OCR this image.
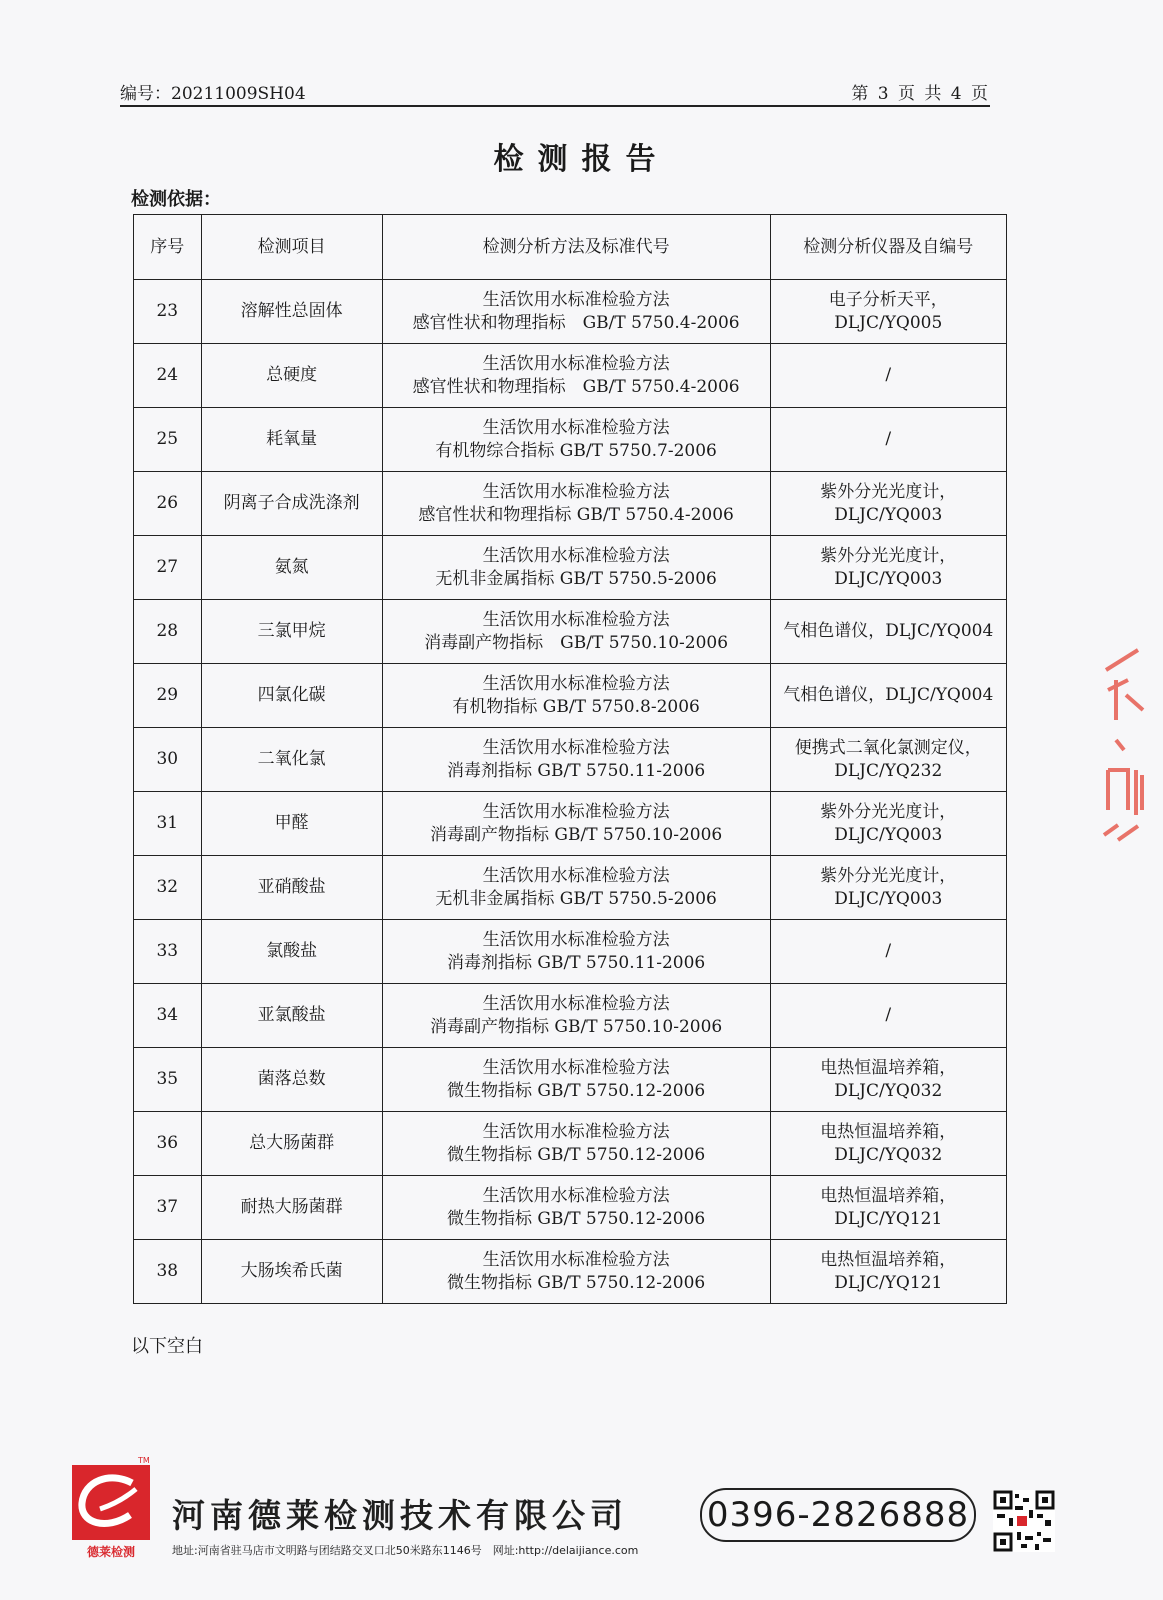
编号：20211009SH04	第 3 页 共 4 页
检测报告
检测依据：
序号	检测项目	检测分析方法及标准代号	检测分析仪器及自编号

23	溶解性总固体	生活饮用水标准检验方法
感官性状和物理指标　GB/T 5750.4-2006	电子分析天平，
DLJC/YQ005

24	总硬度	生活饮用水标准检验方法
感官性状和物理指标　GB/T 5750.4-2006	/

25	耗氧量	生活饮用水标准检验方法
有机物综合指标 GB/T 5750.7-2006	/

26	阴离子合成洗涤剂	生活饮用水标准检验方法
感官性状和物理指标 GB/T 5750.4-2006	紫外分光光度计，
DLJC/YQ003

27	氨氮	生活饮用水标准检验方法
无机非金属指标 GB/T 5750.5-2006	紫外分光光度计，
DLJC/YQ003

28	三氯甲烷	生活饮用水标准检验方法
消毒副产物指标　GB/T 5750.10-2006	气相色谱仪，DLJC/YQ004

29	四氯化碳	生活饮用水标准检验方法
有机物指标 GB/T 5750.8-2006	气相色谱仪，DLJC/YQ004

30	二氧化氯	生活饮用水标准检验方法
消毒剂指标 GB/T 5750.11-2006	便携式二氧化氯测定仪，
DLJC/YQ232

31	甲醛	生活饮用水标准检验方法
消毒副产物指标 GB/T 5750.10-2006	紫外分光光度计，
DLJC/YQ003

32	亚硝酸盐	生活饮用水标准检验方法
无机非金属指标 GB/T 5750.5-2006	紫外分光光度计，
DLJC/YQ003

33	氯酸盐	生活饮用水标准检验方法
消毒剂指标 GB/T 5750.11-2006	/

34	亚氯酸盐	生活饮用水标准检验方法
消毒副产物指标 GB/T 5750.10-2006	/

35	菌落总数	生活饮用水标准检验方法
微生物指标 GB/T 5750.12-2006	电热恒温培养箱，
DLJC/YQ032

36	总大肠菌群	生活饮用水标准检验方法
微生物指标 GB/T 5750.12-2006	电热恒温培养箱，
DLJC/YQ032

37	耐热大肠菌群	生活饮用水标准检验方法
微生物指标 GB/T 5750.12-2006	电热恒温培养箱，
DLJC/YQ121

38	大肠埃希氏菌	生活饮用水标准检验方法
微生物指标 GB/T 5750.12-2006	电热恒温培养箱，
DLJC/YQ121
以下空白
TM
德莱检测
河南德莱检测技术有限公司
地址:河南省驻马店市文明路与团结路交叉口北50米路东1146号　网址:http://delaijiance.com
0396-2826888
